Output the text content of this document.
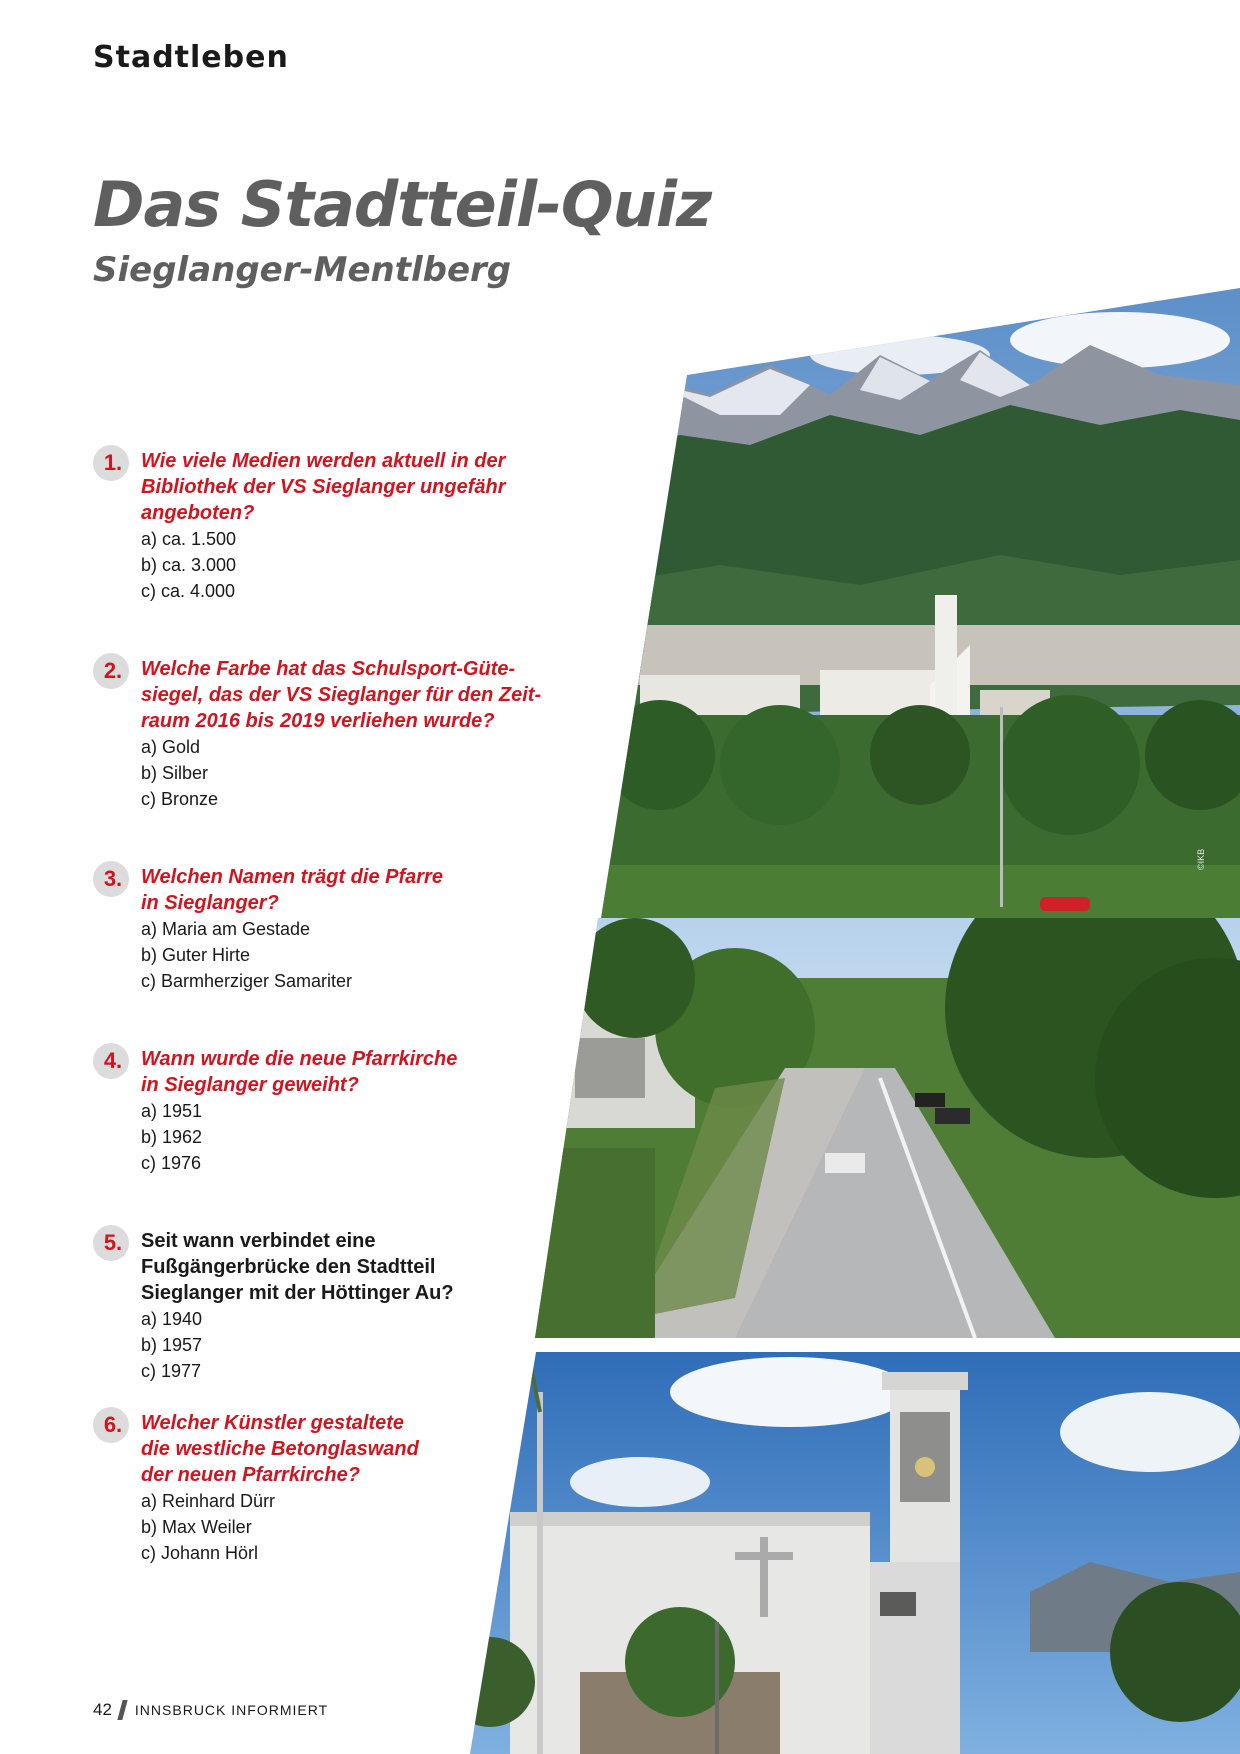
Stadtleben
Das Stadtteil-Quiz
Sieglanger-Mentlberg
1. Wie viele Medien werden aktuell in der
Bibliothek der VS Sieglanger ungefähr
angeboten?
a) ca. 1.500
b) ca. 3.000
c) ca. 4.000
2. Welche Farbe hat das Schulsport-Güte-
siegel, das der VS Sieglanger für den Zeit-
raum 2016 bis 2019 verliehen wurde?
a) Gold
b) Silber
c) Bronze
3. Welchen Namen trägt die Pfarre
in Sieglanger?
a) Maria am Gestade
b) Guter Hirte
c) Barmherziger Samariter
4. Wann wurde die neue Pfarrkirche
in Sieglanger geweiht?
a) 1951
b) 1962
c) 1976
5. Seit wann verbindet eine
Fußgängerbrücke den Stadtteil
Sieglanger mit der Höttinger Au?
a) 1940
b) 1957
c) 1977
6. Welcher Künstler gestaltete
die westliche Betonglaswand
der neuen Pfarrkirche?
a) Reinhard Dürr
b) Max Weiler
c) Johann Hörl
©IKB
42 INNSBRUCK INFORMIERT
